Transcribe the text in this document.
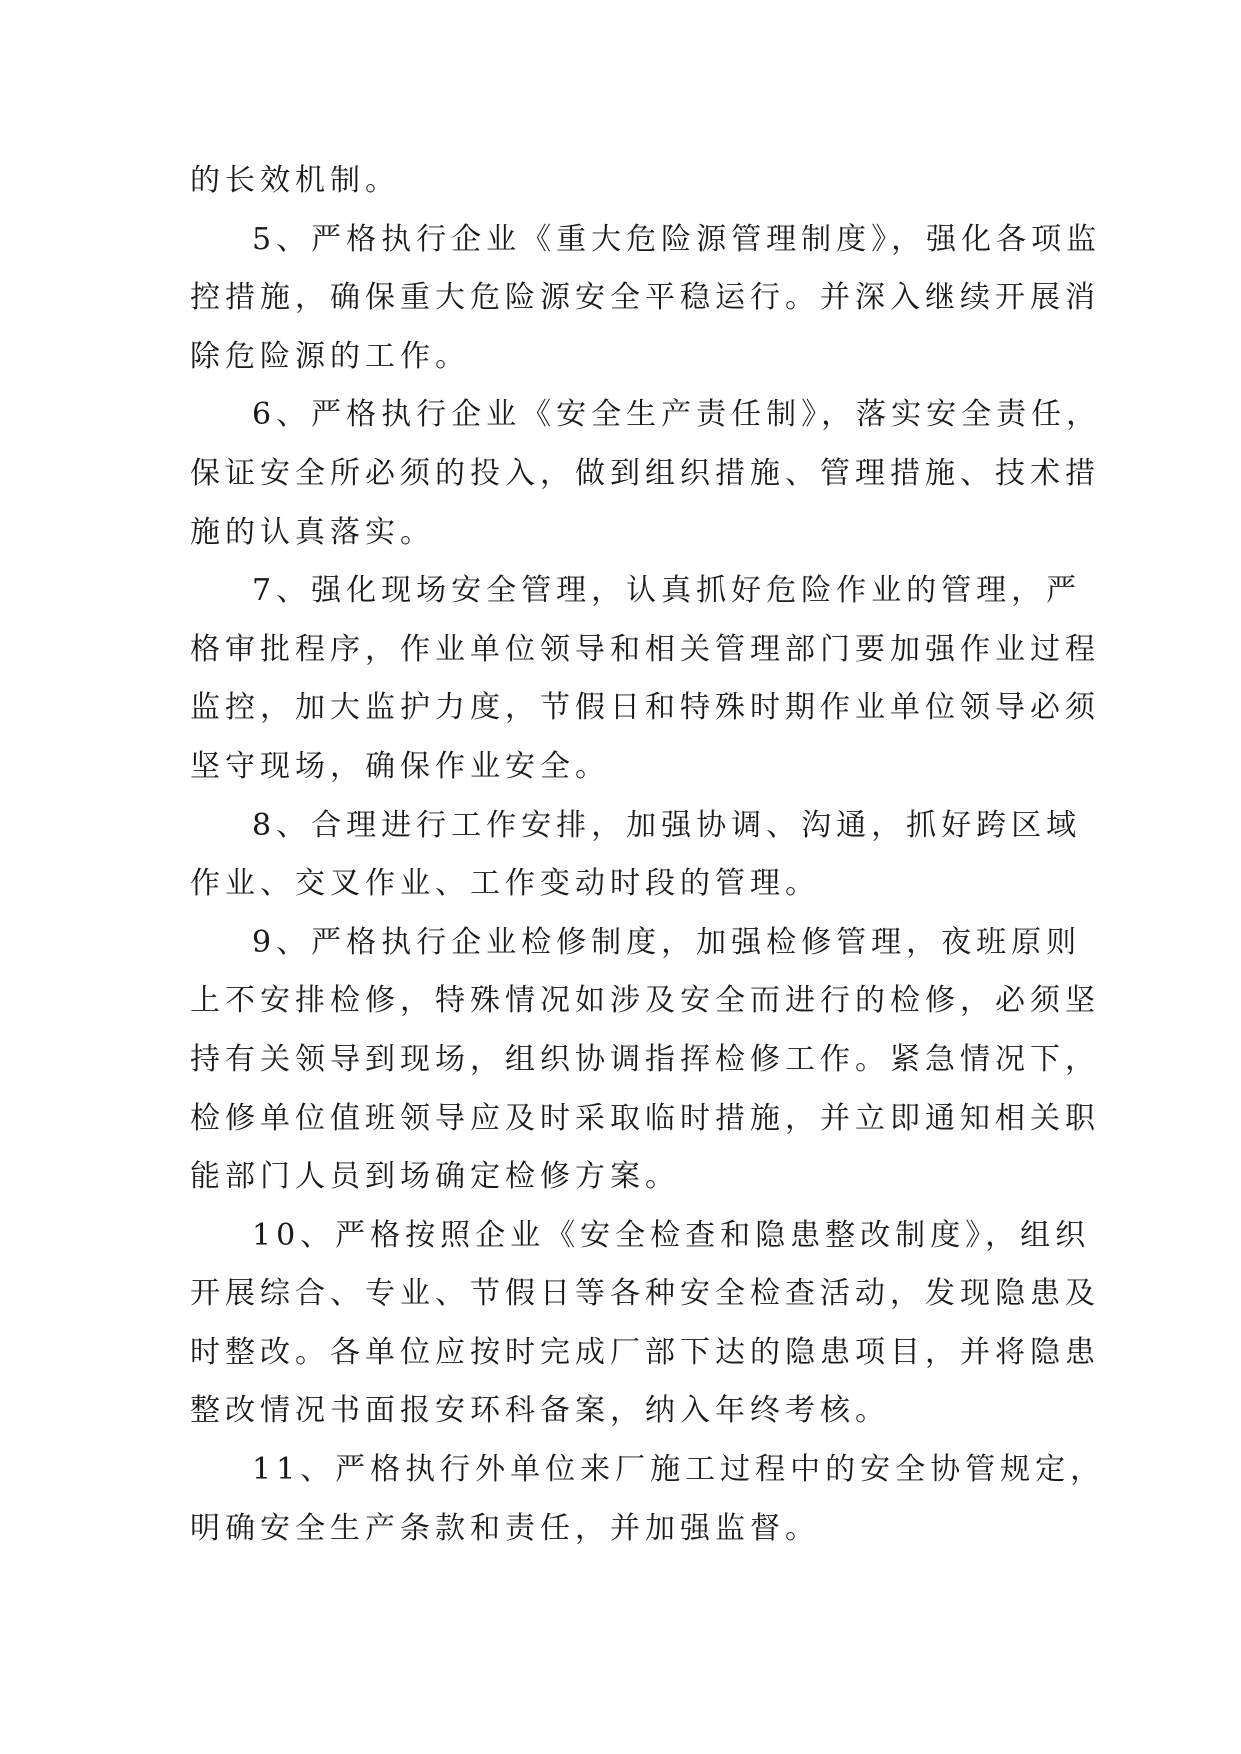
的长效机制。
5、严格执行企业《重大危险源管理制度》，强化各项监
控措施，确保重大危险源安全平稳运行。并深入继续开展消
除危险源的工作。
6、严格执行企业《安全生产责任制》，落实安全责任，
保证安全所必须的投入，做到组织措施、管理措施、技术措
施的认真落实。
7、强化现场安全管理，认真抓好危险作业的管理，严
格审批程序，作业单位领导和相关管理部门要加强作业过程
监控，加大监护力度，节假日和特殊时期作业单位领导必须
坚守现场，确保作业安全。
8、合理进行工作安排，加强协调、沟通，抓好跨区域
作业、交叉作业、工作变动时段的管理。
9、严格执行企业检修制度，加强检修管理，夜班原则
上不安排检修，特殊情况如涉及安全而进行的检修，必须坚
持有关领导到现场，组织协调指挥检修工作。紧急情况下，
检修单位值班领导应及时采取临时措施，并立即通知相关职
能部门人员到场确定检修方案。
10、严格按照企业《安全检查和隐患整改制度》，组织
开展综合、专业、节假日等各种安全检查活动，发现隐患及
时整改。各单位应按时完成厂部下达的隐患项目，并将隐患
整改情况书面报安环科备案，纳入年终考核。
11、严格执行外单位来厂施工过程中的安全协管规定，
明确安全生产条款和责任，并加强监督。
